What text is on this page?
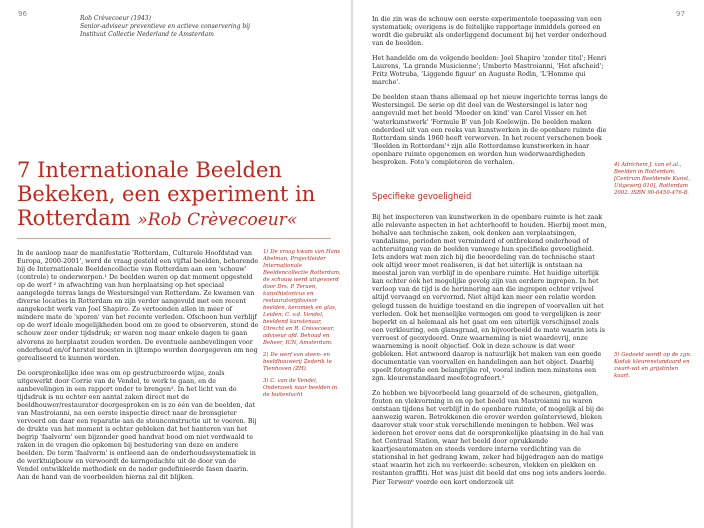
96
Rob Crèvecoeur (1943)
Senior-adviseur preventieve en actieve conservering bij
Instituut Collectie Nederland te Amsterdam
7 Internationale Beelden
Bekeken, een experiment in
Rotterdam »Rob Crèvecoeur«

In de aanloop naar de manifestatie 'Rotterdam, Culturele Hoofdstad van Europa, 2000-2001', werd de vraag gesteld een vijftal beelden, behorende bij de Internationale Beeldencollectie van Rotterdam aan een 'schouw' (controle) te onderwerpen.¹ De beelden waren op dat moment opgesteld op de werf ² in afwachting van hun herplaatsing op het speciaal aangelegde terras langs de Westersingel van Rotterdam. Ze kwamen van diverse locaties in Rotterdam en zijn verder aangevuld met een recent aangekocht werk van Joel Shapiro. Ze vertoonden allen in meer of mindere mate de 'sporen' van het recente verleden. Ofschoon hun verblijf op de werf ideale mogelijkheden bood om ze goed te observeren, stond de schouw zeer onder tijdsdruk; er waren nog maar enkele dagen te gaan alvorens ze herplaatst zouden worden. De eventuele aanbevelingen voor onderhoud en/of herstel moesten in ijltempo worden doorgegeven om nog gerealiseerd te kunnen worden.

De oorspronkelijke idee was om op gestructureerde wijze, zoals uitgewerkt door Corrie van de Vendel, te werk te gaan, en de aanbevelingen in een rapport onder te brengen³. In het licht van de tijdsdruk is nu echter een aantal zaken direct met de beeldhouwer/restaurator doorgesproken en is zo één van de beelden, dat van Mastroianni, na een eerste inspectie direct naar de bronsgieter vervoerd om daar een reparatie aan de steunconstructie uit te voeren. Bij de drukte van het moment is echter gebleken dat het hanteren van het begrip 'faalvorm' een bijzonder goed handvat bood om niet verdwaald te raken in de vragen die opkomen bij bestudering van deze en andere beelden. De term 'faalvorm' is ontleend aan de onderhoudssystematiek in de werktuigbouw en verwoordt de kerngedachte uit de door van de Vendel ontwikkelde methodiek en de nader gedefinieerde fasen daarin. Aan de hand van de voorbeelden hierna zal dit blijken.

1) De vraag kwam van Hans Abelman, Projectleider Internationale Beeldencollectie Rotterdam, de schouw werd uitgevoerd door Drs. P. Teruen, kunsthistoricus en restauratorijdsvisor beelden, keramiek en glas, Leiden; C. v.d. Vendel, beeldend kunstenaar, Utrecht en R. Crèvecoeur, adviseur afd. Behoud en Beheer, ICN, Amsterdam.

2) De werf van steen- en beeldhouwerij Zederik te Tienhoven (ZH).

3) C. van de Vendel, Onderzoek naar beelden in de buitenlucht

97

In die zin was de schouw een eerste experimentele toepassing van een systematiek; overigens is de feitelijke rapportage inmiddels gereed en wordt die gebruikt als onderliggend document bij het verder onderhoud van de beelden.

Het handelde om de volgende beelden: Joel Shapiro 'zonder titel'; Henri Laurens, 'La grande Musicienne'; Umberto Mastroianni, 'Het afscheid'; Fritz Wotruba, 'Liggende figuur' en Auguste Rodin, 'L'Homme qui marche'.

De beelden staan thans allemaal op het nieuw ingerichte terras langs de Westersingel. De serie op dit deel van de Westersingel is later nog aangevuld met het beeld 'Moeder en kind' van Carel Visser en het 'waterkunstwerk' 'Formule B' van Job Koelewijn. De beelden maken onderdeel uit van een reeks van kunstwerken in de openbare ruimte die Rotterdam sinds 1960 heeft verworven. In het recent verschenen boek 'Beelden in Rotterdam'⁴ zijn alle Rotterdamse kunstwerken in haar openbare ruimte opgenomen en worden hun wederwaardigheden besproken. Foto's completeren de verhalen.

Specifieke gevoeligheid

Bij het inspecteren van kunstwerken in de openbare ruimte is het zaak alle relevante aspecten in het achterhoofd te houden. Hierbij moet men, behalve aan technische zaken, ook denken aan verplaatsingen, vandalisme, perioden met verminderd of ontbrekend onderhoud of achteruitgang van de beelden vanwege hun specifieke gevoeligheid. Iets anders wat men zich bij die beoordeling van de technische staat ook altijd weer moet realiseren, is dat het uiterlijk is ontstaan na meestal jaren van verblijf in de openbare ruimte. Het huidige uiterlijk kan echter óók het mogelijke gevolg zijn van eerdere ingrepen. In het verloop van de tijd is de herinnering aan die ingrepen echter vrijwel altijd vervaagd en vervormd. Niet altijd kan meer een relatie worden gelegd tussen de huidige toestand en die ingrepen of voorvallen uit het verleden. Ook het menselijke vermogen om goed te vergelijken is zeer beperkt en al helemaal als het gaat om een uiterlijk verschijnsel zoals een verkleuring, een glansgraad, en bijvoorbeeld de mate waarin iets is verroest of geoxydeerd. Onze waarneming is niet waardevrij, onze waarneming is nooit objectief. Ook in deze schouw is dat weer gebleken. Het antwoord daarop is natuurlijk het maken van een goede documentatie van voorvallen en handelingen aan het object. Daarbij speelt fotografie een belangrijke rol, vooral indien men minstens een zgn. kleurenstandaard meefotografeert.⁵

Zo hebben we bijvoorbeeld lang geaarzeld of de scheuren, gietgallen, fouten en vlekvorming in en op het beeld van Mastroianni nu waren ontstaan tijdens het verblijf in de openbare ruimte, of mogelijk al bij de aanwezig waren. Betrokkenen die erover werden geïnterviewd, bleken daarover stuk voor stuk verschillende meningen te hebben. Wel was iedereen het erover eens dat de oorspronkelijke plaatsing in de hal van het Centraal Station, waar het beeld door oprukkende kaartjesautomaten en steeds verdere interne verdichting van de stationshal in het gedrang kwam, zeker had bijgedragen aan de matige staat waarin het zich nu verkeerde: scheuren, vlekken en plekken en restanten graffiti. Het was juist dit beeld dat ons nog iets anders leerde. Pier Terwen⁶ voerde een kort onderzoek uit

4) Adrichem J. van et.al., Beelden in Rotterdam, [Centrum Beeldende Kunst, Uitgeverij 010], Rotterdam 2002. ISBN 90-6450-476-8.

5) Gedoeld wordt op de zgn. Kodak kleurenstandaard en zwart-wit en grijstinten kaart.
